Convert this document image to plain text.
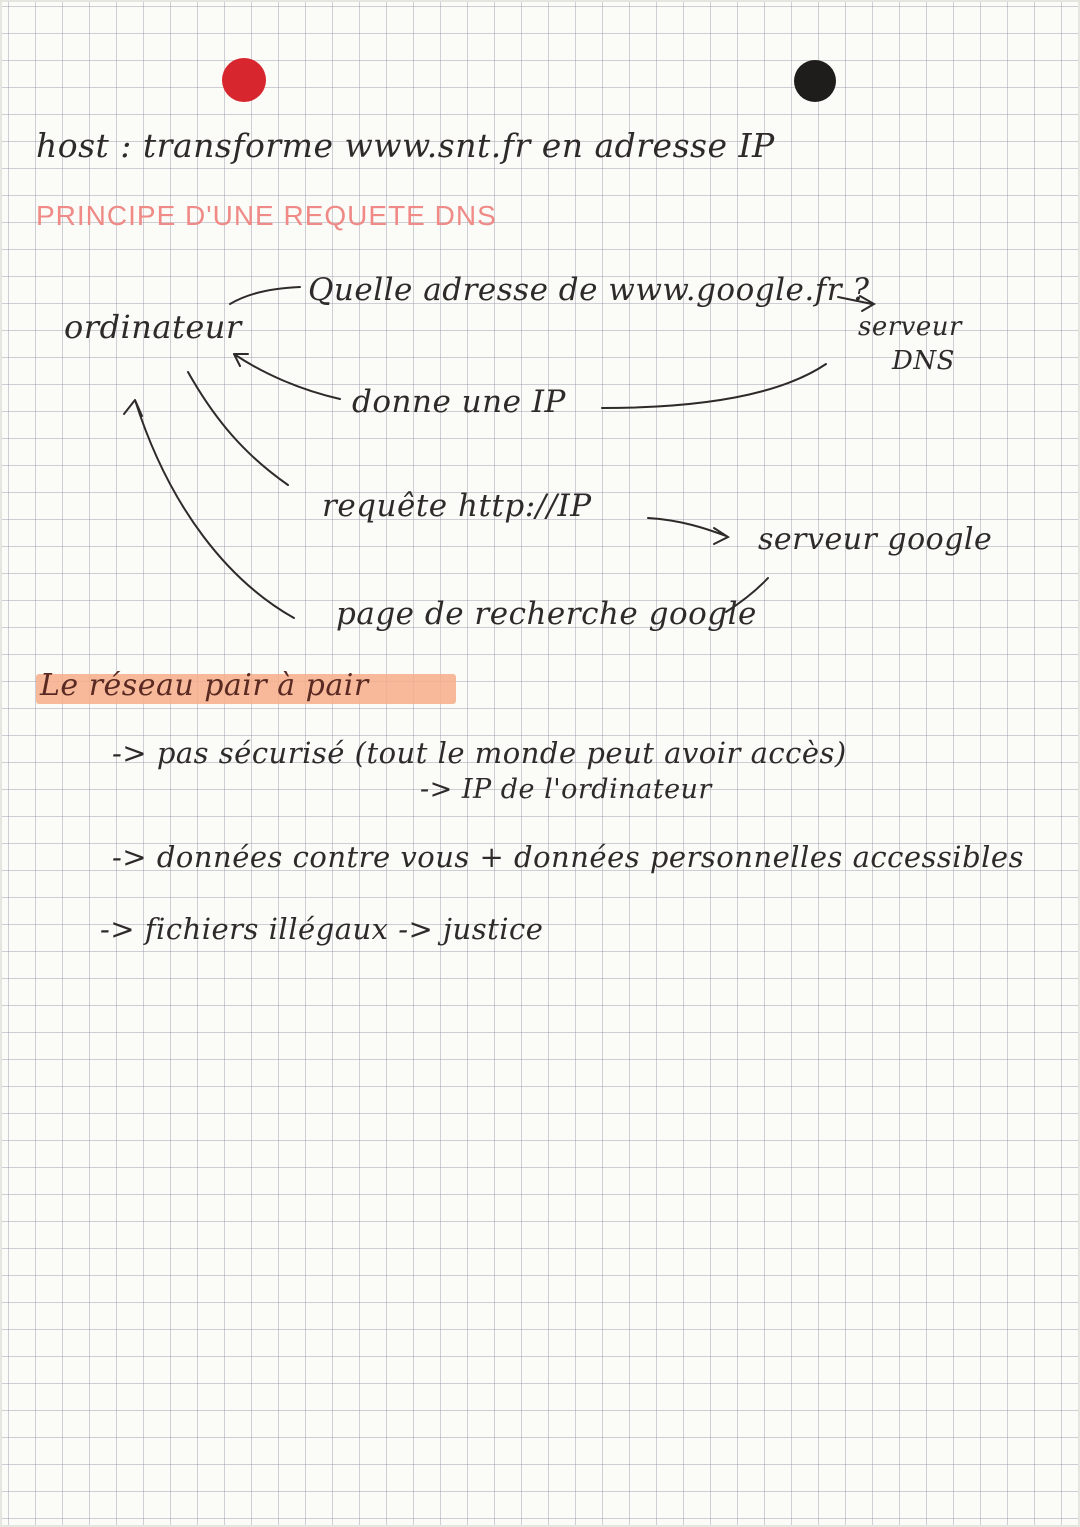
host : transforme www.snt.fr en adresse IP
PRINCIPE D'UNE REQUETE DNS
ordinateur
Quelle adresse de www.google.fr ?
serveur
DNS
donne une IP
requête http://IP
serveur google
page de recherche google
Le réseau pair à pair
-> pas sécurisé (tout le monde peut avoir accès)
-> IP de l'ordinateur
-> données contre vous + données personnelles accessibles
-> fichiers illégaux -> justice
